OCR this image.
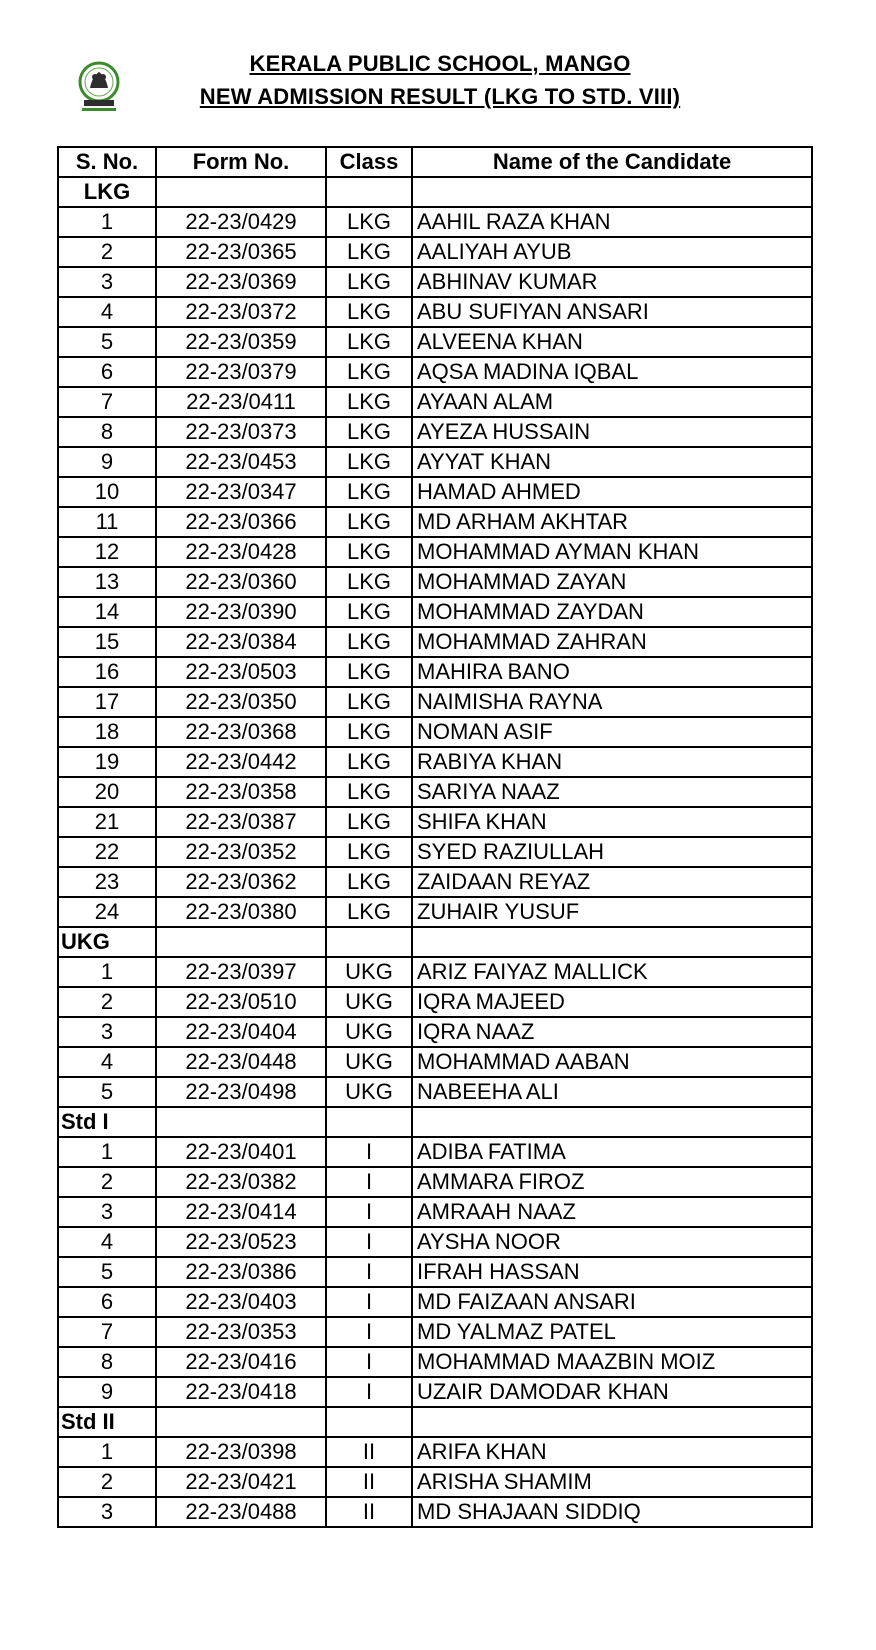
KERALA PUBLIC SCHOOL, MANGO
NEW ADMISSION RESULT (LKG TO STD. VIII)
S. No.	Form No.	Class	Name of the Candidate
LKG			
1	22-23/0429	LKG	AAHIL RAZA KHAN
2	22-23/0365	LKG	AALIYAH AYUB
3	22-23/0369	LKG	ABHINAV KUMAR
4	22-23/0372	LKG	ABU SUFIYAN ANSARI
5	22-23/0359	LKG	ALVEENA KHAN
6	22-23/0379	LKG	AQSA MADINA IQBAL
7	22-23/0411	LKG	AYAAN ALAM
8	22-23/0373	LKG	AYEZA HUSSAIN
9	22-23/0453	LKG	AYYAT KHAN
10	22-23/0347	LKG	HAMAD AHMED
11	22-23/0366	LKG	MD ARHAM AKHTAR
12	22-23/0428	LKG	MOHAMMAD AYMAN KHAN
13	22-23/0360	LKG	MOHAMMAD ZAYAN
14	22-23/0390	LKG	MOHAMMAD ZAYDAN
15	22-23/0384	LKG	MOHAMMAD ZAHRAN
16	22-23/0503	LKG	MAHIRA BANO
17	22-23/0350	LKG	NAIMISHA RAYNA
18	22-23/0368	LKG	NOMAN ASIF
19	22-23/0442	LKG	RABIYA KHAN
20	22-23/0358	LKG	SARIYA NAAZ
21	22-23/0387	LKG	SHIFA KHAN
22	22-23/0352	LKG	SYED RAZIULLAH
23	22-23/0362	LKG	ZAIDAAN REYAZ
24	22-23/0380	LKG	ZUHAIR YUSUF
UKG			
1	22-23/0397	UKG	ARIZ FAIYAZ MALLICK
2	22-23/0510	UKG	IQRA MAJEED
3	22-23/0404	UKG	IQRA NAAZ
4	22-23/0448	UKG	MOHAMMAD AABAN
5	22-23/0498	UKG	NABEEHA ALI
Std I			
1	22-23/0401	I	ADIBA FATIMA
2	22-23/0382	I	AMMARA FIROZ
3	22-23/0414	I	AMRAAH NAAZ
4	22-23/0523	I	AYSHA NOOR
5	22-23/0386	I	IFRAH HASSAN
6	22-23/0403	I	MD FAIZAAN ANSARI
7	22-23/0353	I	MD YALMAZ PATEL
8	22-23/0416	I	MOHAMMAD MAAZBIN MOIZ
9	22-23/0418	I	UZAIR DAMODAR KHAN
Std II			
1	22-23/0398	II	ARIFA KHAN
2	22-23/0421	II	ARISHA SHAMIM
3	22-23/0488	II	MD SHAJAAN SIDDIQ
